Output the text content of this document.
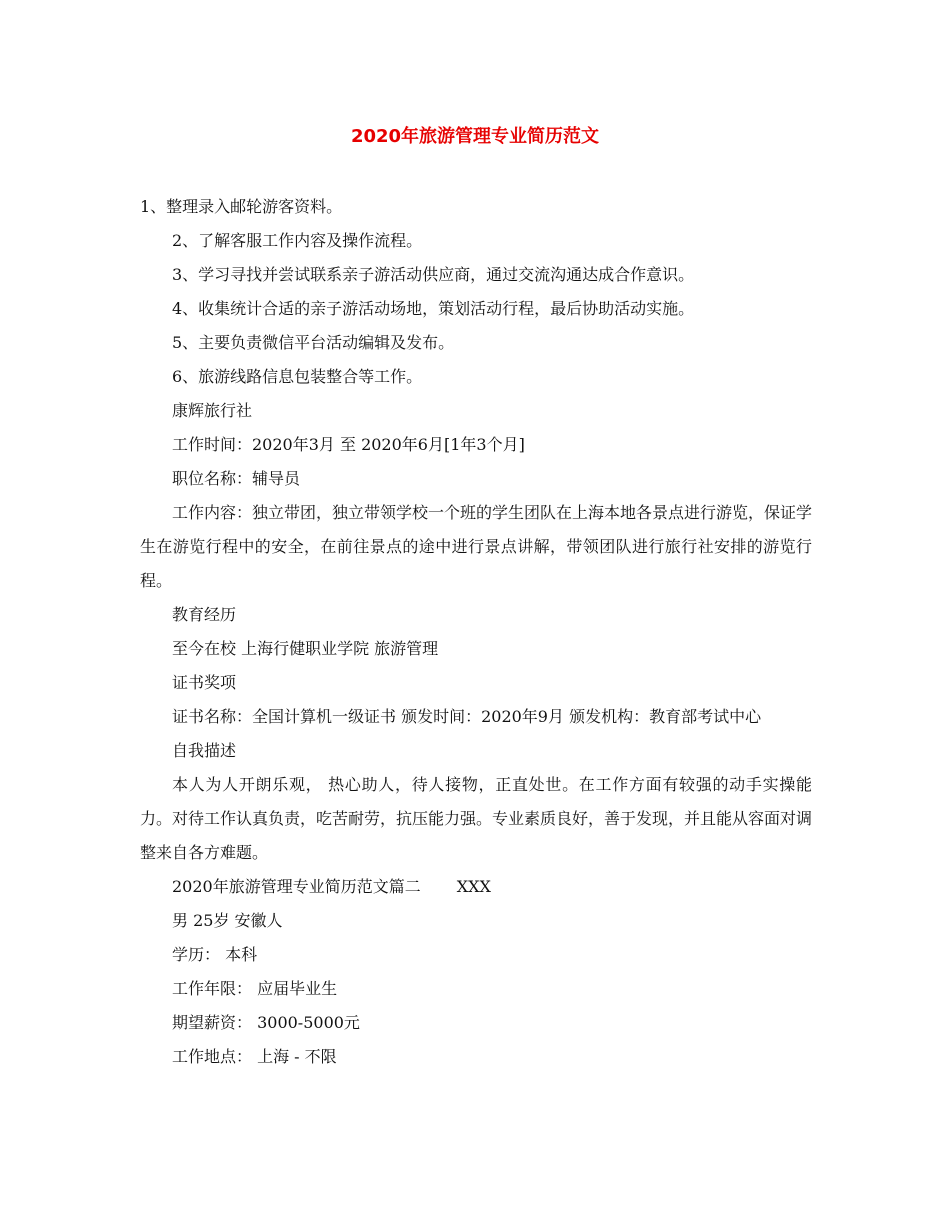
2020年旅游管理专业简历范文

1、整理录入邮轮游客资料。

2、了解客服工作内容及操作流程。

3、学习寻找并尝试联系亲子游活动供应商，通过交流沟通达成合作意识。

4、收集统计合适的亲子游活动场地，策划活动行程，最后协助活动实施。

5、主要负责微信平台活动编辑及发布。

6、旅游线路信息包装整合等工作。

康辉旅行社

工作时间：2020年3月 至 2020年6月[1年3个月]

职位名称：辅导员

工作内容：独立带团，独立带领学校一个班的学生团队在上海本地各景点进行游览，保证学生在游览行程中的安全，在前往景点的途中进行景点讲解，带领团队进行旅行社安排的游览行程。

教育经历

至今在校 上海行健职业学院 旅游管理

证书奖项

证书名称：全国计算机一级证书 颁发时间：2020年9月 颁发机构：教育部考试中心

自我描述

本人为人开朗乐观， 热心助人，待人接物，正直处世。在工作方面有较强的动手实操能力。对待工作认真负责，吃苦耐劳，抗压能力强。专业素质良好，善于发现，并且能从容面对调整来自各方难题。

2020年旅游管理专业简历范文篇二 XXX

男 25岁 安徽人

学历： 本科

工作年限： 应届毕业生

期望薪资： 3000-5000元

工作地点： 上海 - 不限
